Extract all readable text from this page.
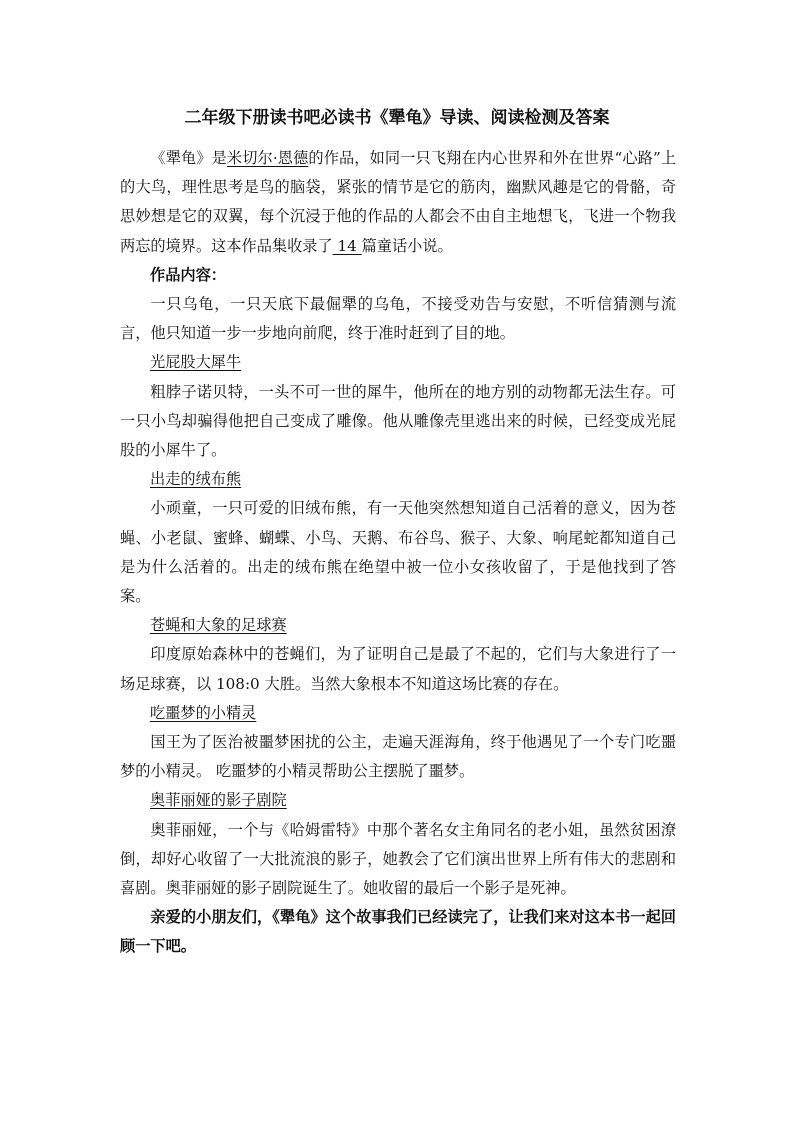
二年级下册读书吧必读书《犟龟》导读、阅读检测及答案

《犟龟》是米切尔·恩德的作品，如同一只飞翔在内心世界和外在世界“心路”上的大鸟，理性思考是鸟的脑袋，紧张的情节是它的筋肉，幽默风趣是它的骨骼，奇思妙想是它的双翼，每个沉浸于他的作品的人都会不由自主地想飞，飞进一个物我两忘的境界。这本作品集收录了 14 篇童话小说。

作品内容：

一只乌龟，一只天底下最倔犟的乌龟，不接受劝告与安慰，不听信猜测与流言，他只知道一步一步地向前爬，终于准时赶到了目的地。

光屁股大犀牛

粗脖子诺贝特，一头不可一世的犀牛，他所在的地方别的动物都无法生存。可一只小鸟却骗得他把自己变成了雕像。他从雕像壳里逃出来的时候，已经变成光屁股的小犀牛了。

出走的绒布熊

小顽童，一只可爱的旧绒布熊，有一天他突然想知道自己活着的意义，因为苍蝇、小老鼠、蜜蜂、蝴蝶、小鸟、天鹅、布谷鸟、猴子、大象、响尾蛇都知道自己是为什么活着的。出走的绒布熊在绝望中被一位小女孩收留了，于是他找到了答案。

苍蝇和大象的足球赛

印度原始森林中的苍蝇们，为了证明自己是最了不起的，它们与大象进行了一场足球赛，以 108:0 大胜。当然大象根本不知道这场比赛的存在。

吃噩梦的小精灵

国王为了医治被噩梦困扰的公主，走遍天涯海角，终于他遇见了一个专门吃噩梦的小精灵。 吃噩梦的小精灵帮助公主摆脱了噩梦。

奥菲丽娅的影子剧院

奥菲丽娅，一个与《哈姆雷特》中那个著名女主角同名的老小姐，虽然贫困潦倒，却好心收留了一大批流浪的影子，她教会了它们演出世界上所有伟大的悲剧和喜剧。奥菲丽娅的影子剧院诞生了。她收留的最后一个影子是死神。

亲爱的小朋友们，《犟龟》这个故事我们已经读完了，让我们来对这本书一起回顾一下吧。
